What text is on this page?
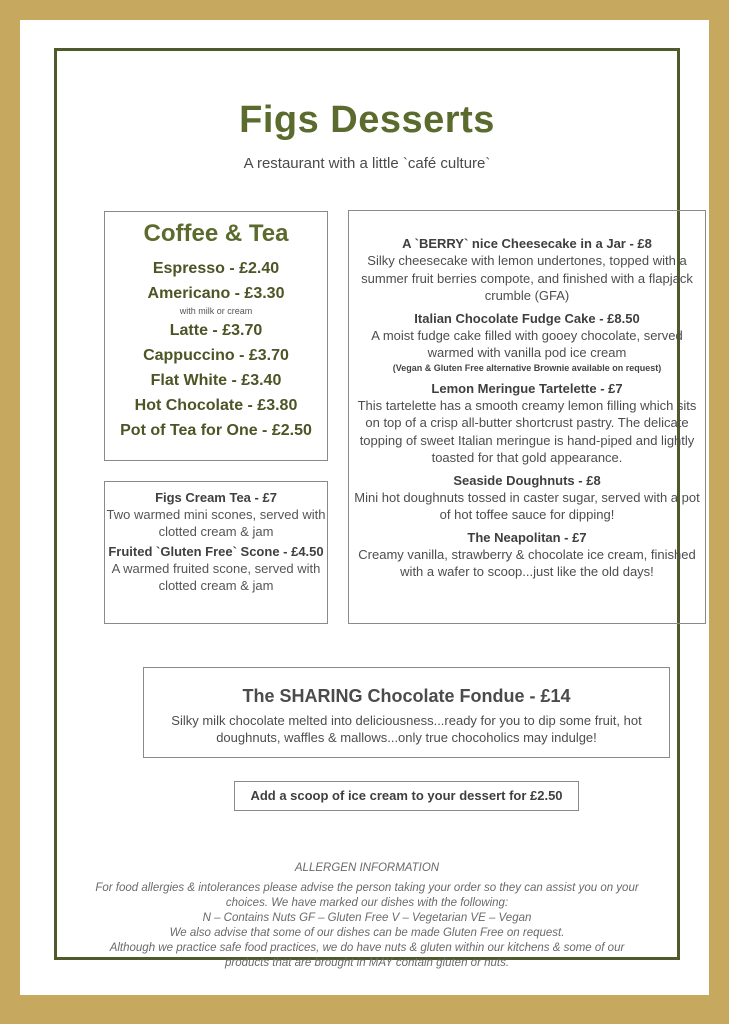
Figs Desserts
A restaurant with a little `café culture`
Coffee & Tea
Espresso - £2.40
Americano - £3.30
with milk or cream
Latte - £3.70
Cappuccino - £3.70
Flat White - £3.40
Hot Chocolate - £3.80
Pot of Tea for One - £2.50
Figs Cream Tea - £7
Two warmed mini scones, served with clotted cream & jam
Fruited `Gluten Free` Scone - £4.50
A warmed fruited scone, served with clotted cream & jam
A `BERRY` nice Cheesecake in a Jar - £8
Silky cheesecake with lemon undertones, topped with a summer fruit berries compote, and finished with a flapjack crumble (GFA)
Italian Chocolate Fudge Cake - £8.50
A moist fudge cake filled with gooey chocolate, served warmed with vanilla pod ice cream
(Vegan & Gluten Free alternative Brownie available on request)
Lemon Meringue Tartelette - £7
This tartelette has a smooth creamy lemon filling which sits on top of a crisp all-butter shortcrust pastry. The delicate topping of sweet Italian meringue is hand-piped and lightly toasted for that gold appearance.
Seaside Doughnuts - £8
Mini hot doughnuts tossed in caster sugar, served with a pot of hot toffee sauce for dipping!
The Neapolitan - £7
Creamy vanilla, strawberry & chocolate ice cream, finished with a wafer to scoop...just like the old days!
The SHARING Chocolate Fondue - £14
Silky milk chocolate melted into deliciousness...ready for you to dip some fruit, hot doughnuts, waffles & mallows...only true chocoholics may indulge!
Add a scoop of ice cream to your dessert for £2.50
ALLERGEN INFORMATION
For food allergies & intolerances please advise the person taking your order so they can assist you on your choices. We have marked our dishes with the following:
N – Contains Nuts GF – Gluten Free V – Vegetarian VE – Vegan
We also advise that some of our dishes can be made Gluten Free on request.
Although we practice safe food practices, we do have nuts & gluten within our kitchens & some of our products that are brought in MAY contain gluten or nuts.
